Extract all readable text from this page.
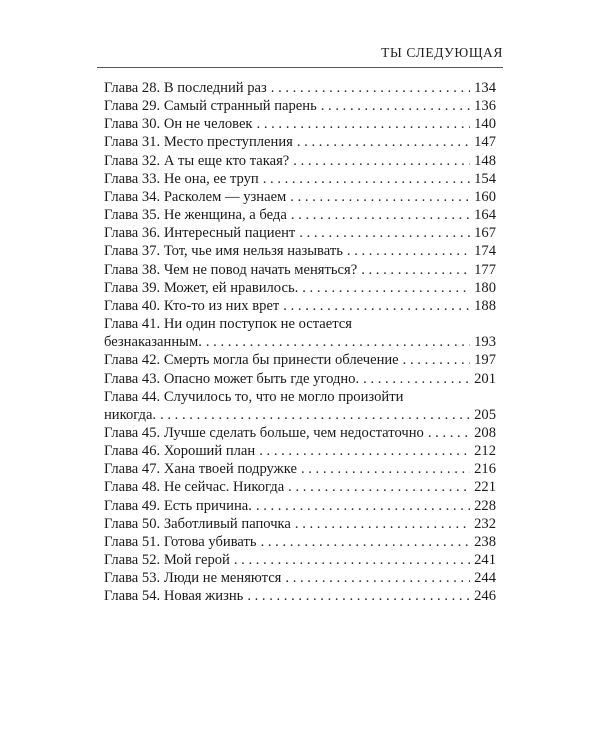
ТЫ СЛЕДУЮЩАЯ
Глава 28. В последний раз . . .	134
Глава 29. Самый странный парень . . .	136
Глава 30. Он не человек . . .	140
Глава 31. Место преступления . . .	147
Глава 32. А ты еще кто такая? . . .	148
Глава 33. Не она, ее труп . . .	154
Глава 34. Расколем — узнаем . . .	160
Глава 35. Не женщина, а беда . . .	164
Глава 36. Интересный пациент . . .	167
Глава 37. Тот, чье имя нельзя называть . . .	174
Глава 38. Чем не повод начать меняться? . . .	177
Глава 39. Может, ей нравилось. . . .	180
Глава 40. Кто-то из них врет . . .	188
Глава 41. Ни один поступок не остается
безнаказанным. . . .	193
Глава 42. Смерть могла бы принести облечение . . .	197
Глава 43. Опасно может быть где угодно. . . .	201
Глава 44. Случилось то, что не могло произойти
никогда. . . .	205
Глава 45. Лучше сделать больше, чем недостаточно . . .	208
Глава 46. Хороший план . . .	212
Глава 47. Хана твоей подружке . . .	216
Глава 48. Не сейчас. Никогда . . .	221
Глава 49. Есть причина. . . .	228
Глава 50. Заботливый папочка . . .	232
Глава 51. Готова убивать . . .	238
Глава 52. Мой герой . . .	241
Глава 53. Люди не меняются . . .	244
Глава 54. Новая жизнь . . .	246
